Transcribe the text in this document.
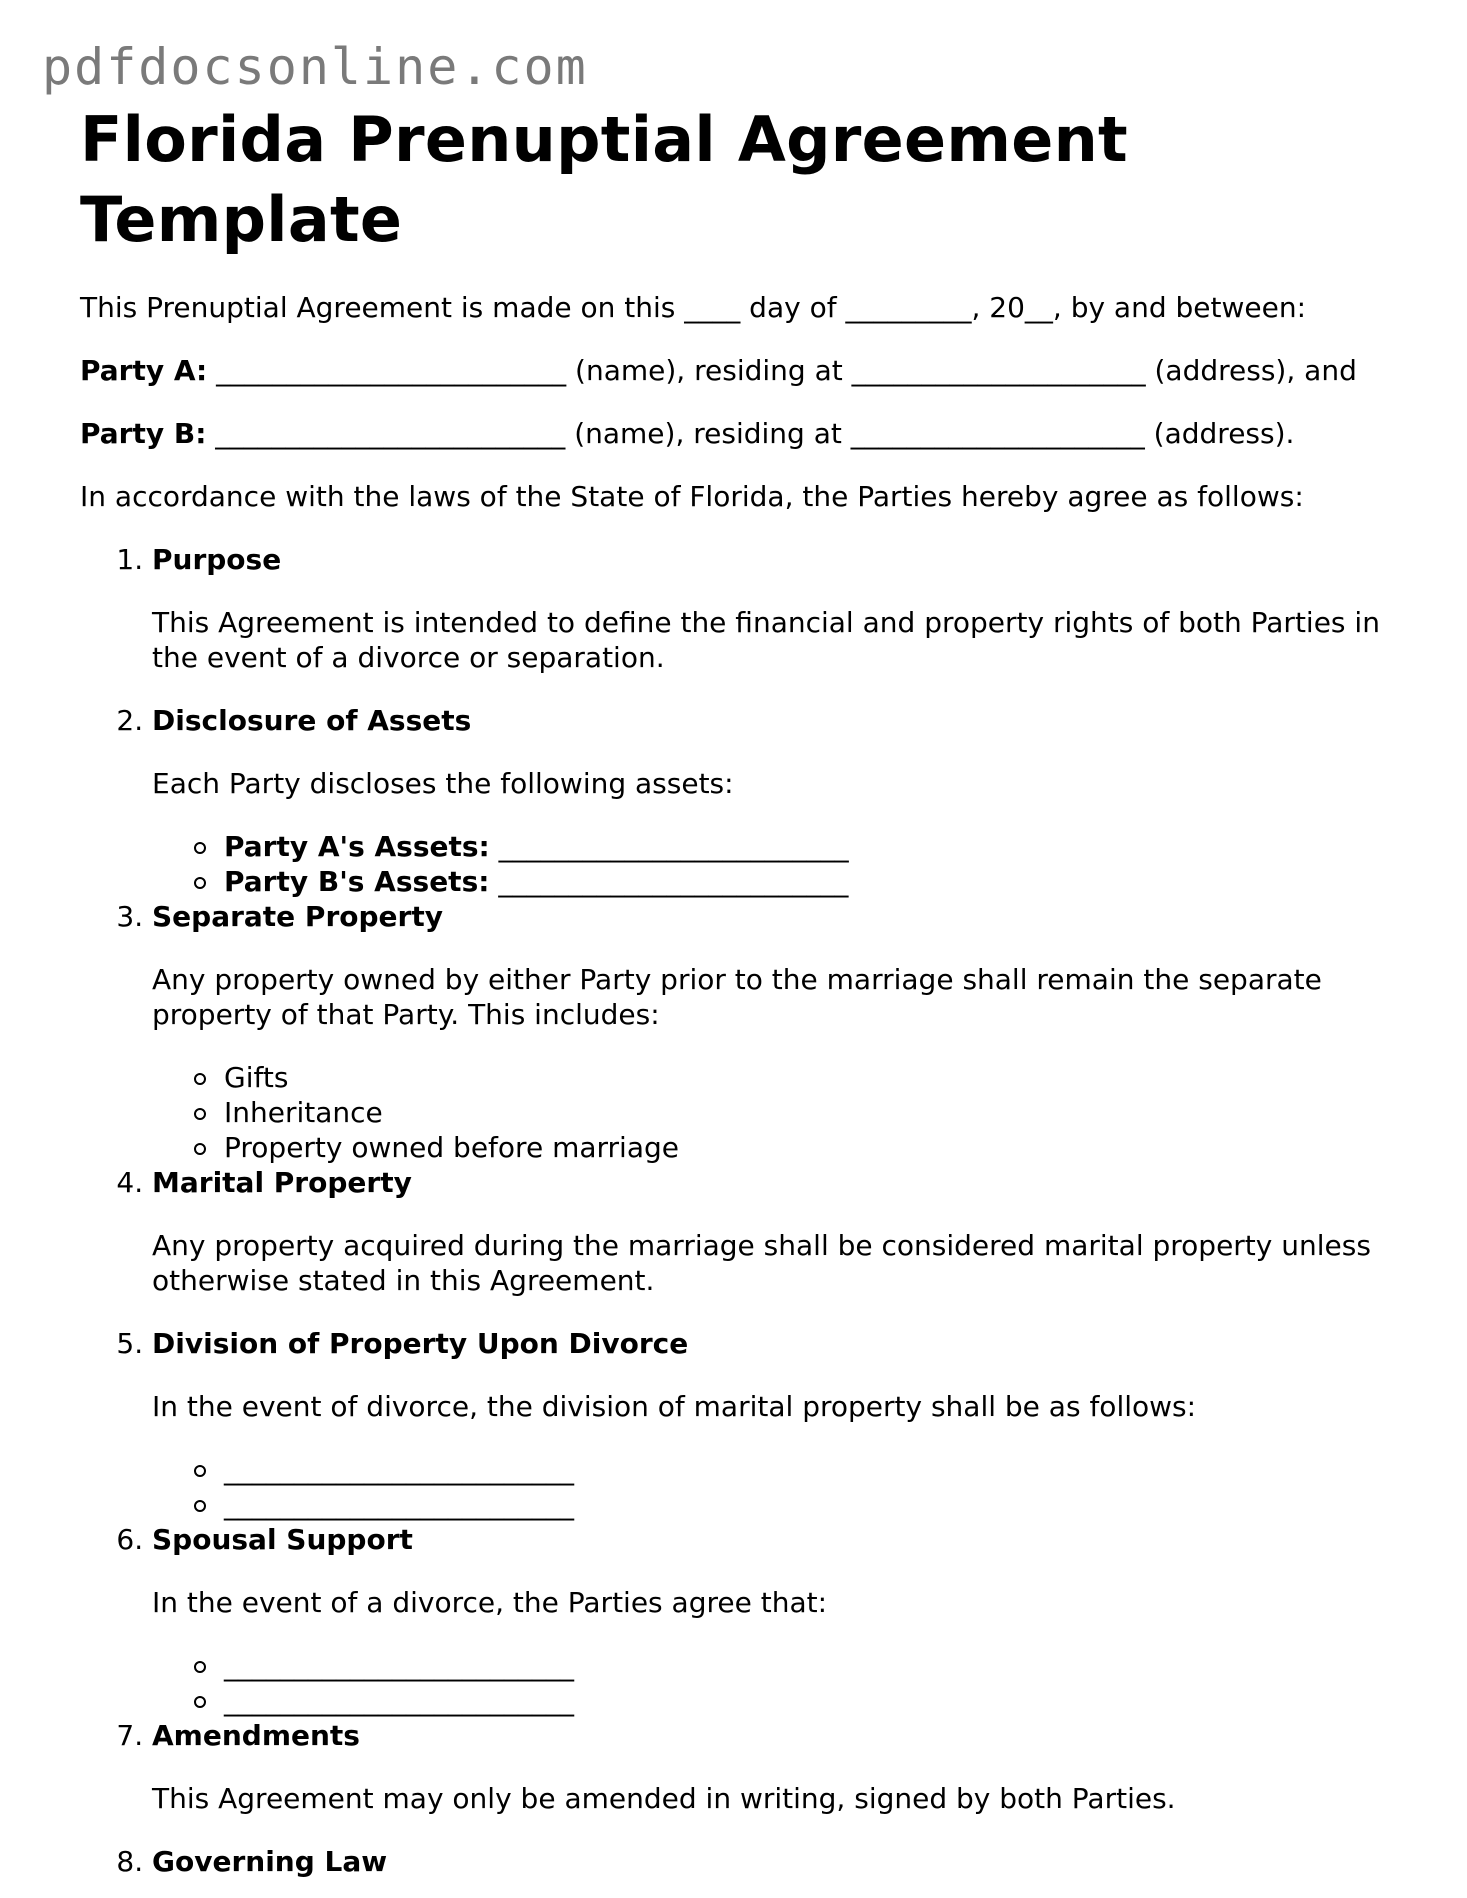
pdfdocsonline.com
Florida Prenuptial Agreement Template

This Prenuptial Agreement is made on this ____ day of _________, 20__, by and between:

Party A: _________________________ (name), residing at _____________________ (address), and

Party B: _________________________ (name), residing at _____________________ (address).

In accordance with the laws of the State of Florida, the Parties hereby agree as follows:

1. Purpose
This Agreement is intended to define the financial and property rights of both Parties in the event of a divorce or separation.
2. Disclosure of Assets
Each Party discloses the following assets:
Party A's Assets: _________________________
Party B's Assets: _________________________
3. Separate Property
Any property owned by either Party prior to the marriage shall remain the separate property of that Party. This includes:
Gifts
Inheritance
Property owned before marriage
4. Marital Property
Any property acquired during the marriage shall be considered marital property unless otherwise stated in this Agreement.
5. Division of Property Upon Divorce
In the event of divorce, the division of marital property shall be as follows:
_________________________
_________________________
6. Spousal Support
In the event of a divorce, the Parties agree that:
_________________________
_________________________
7. Amendments
This Agreement may only be amended in writing, signed by both Parties.
8. Governing Law
